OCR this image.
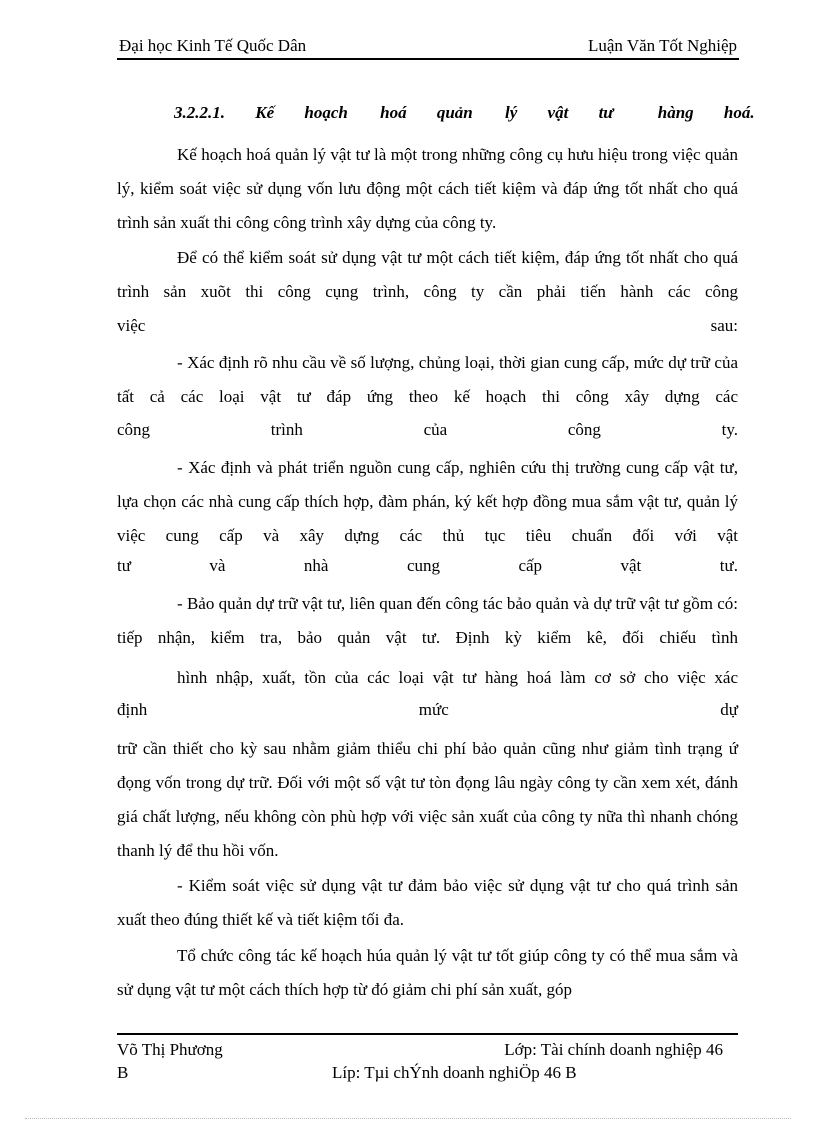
Đại học Kinh Tế Quốc Dân	Luận Văn Tốt Nghiệp
3.2.2.1. Kế hoạch hoá quản lý vật tư	hàng hoá.

Kế hoạch hoá quản lý vật tư là một trong những công cụ hưu hiệu trong việc quản lý, kiểm soát việc sử dụng vốn lưu động một cách tiết kiệm và đáp ứng tốt nhất cho quá trình sản xuất thi công công trình xây dựng của công ty.

Để có thể kiểm soát sử dụng vật tư một cách tiết kiệm, đáp ứng tốt nhất cho quá trình sản xuõt thi công cụng trình, công ty cần phải tiến hành các công

việc	sau:

- Xác định rõ nhu cầu về số lượng, chủng loại, thời gian cung cấp, mức dự trữ của tất cả các loại vật tư đáp ứng theo kế hoạch thi công xây dựng các

công	trình	của	công	ty.

- Xác định và phát triển nguồn cung cấp, nghiên cứu thị trường cung cấp vật tư, lựa chọn các nhà cung cấp thích hợp, đàm phán, ký kết hợp đồng mua sắm vật tư, quản lý việc cung cấp và xây dựng các thủ tục tiêu chuẩn đối với vật

tư	và	nhà	cung	cấp	vật	tư.

- Bảo quản dự trữ vật tư, liên quan đến công tác bảo quản và dự trữ vật tư gồm có: tiếp nhận, kiểm tra, bảo quản vật tư. Định kỳ kiểm kê, đối chiếu tình

hình nhập, xuất, tồn của các loại vật tư hàng hoá làm cơ sở cho việc xác

định	mức	dự

trữ cần thiết cho kỳ sau nhằm giảm thiểu chi phí bảo quản cũng như giảm tình trạng ứ đọng vốn trong dự trữ. Đối với một số vật tư tòn đọng lâu ngày công ty cần xem xét, đánh giá chất lượng, nếu không còn phù hợp với việc sản xuất của công ty nữa thì nhanh chóng thanh lý để thu hồi vốn.

- Kiểm soát việc sử dụng vật tư đảm bảo việc sử dụng vật tư cho quá trình sản xuất theo đúng thiết kế và tiết kiệm tối đa.

Tổ chức công tác kế hoạch húa quản lý vật tư tốt giúp công ty có thể mua sắm và sử dụng vật tư một cách thích hợp từ đó giảm chi phí sản xuất, góp

Võ Thị Phương
B
Lớp: Tài chính doanh nghiệp 46
Líp: Tµi chÝnh doanh nghiÖp 46 B
